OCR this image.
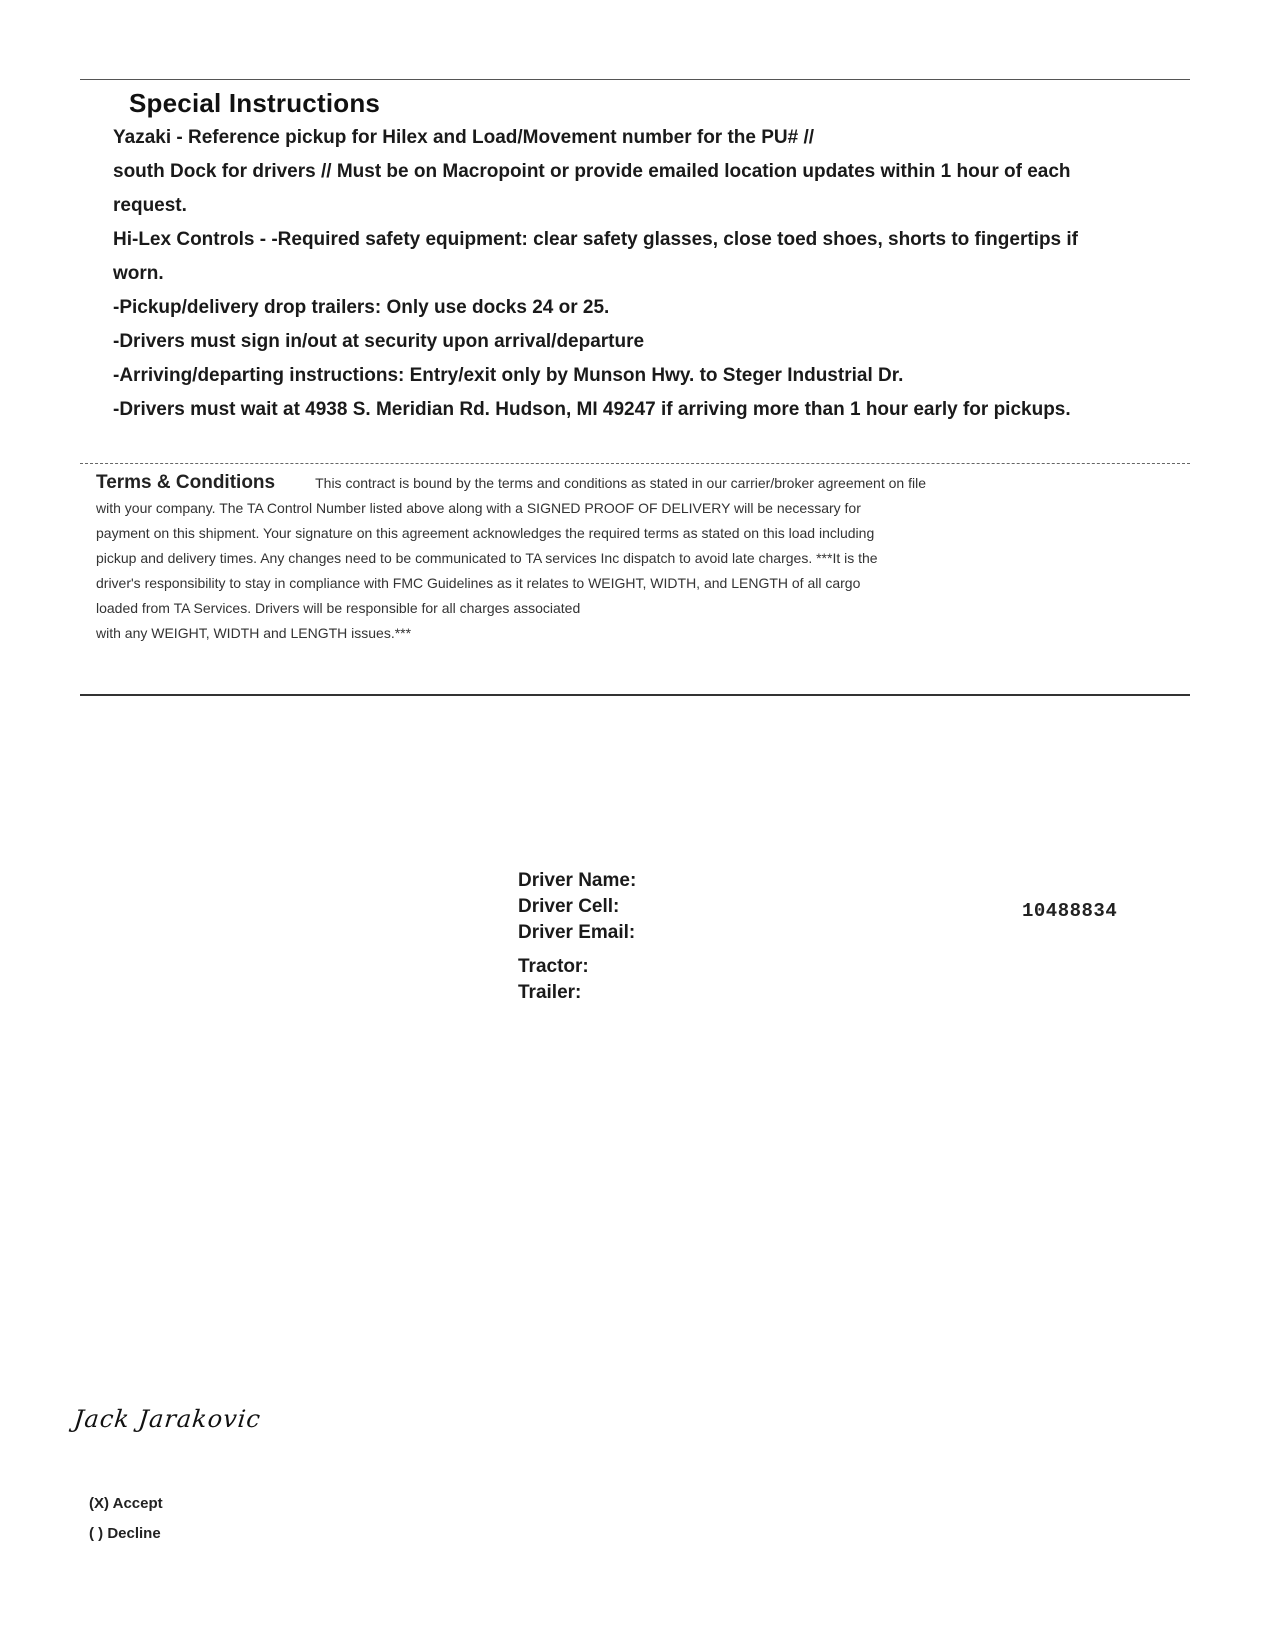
Special Instructions

Yazaki - Reference pickup for Hilex and Load/Movement number for the PU# //

south Dock for drivers // Must be on Macropoint or provide emailed location updates within 1 hour of each

request.

Hi-Lex Controls - -Required safety equipment: clear safety glasses, close toed shoes, shorts to fingertips if

worn.

-Pickup/delivery drop trailers: Only use docks 24 or 25.

-Drivers must sign in/out at security upon arrival/departure

-Arriving/departing instructions: Entry/exit only by Munson Hwy. to Steger Industrial Dr.

-Drivers must wait at 4938 S. Meridian Rd. Hudson, MI 49247 if arriving more than 1 hour early for pickups.

Terms & Conditions	This contract is bound by the terms and conditions as stated in our carrier/broker agreement on file
with your company. The TA Control Number listed above along with a SIGNED PROOF OF DELIVERY will be necessary for
payment on this shipment. Your signature on this agreement acknowledges the required terms as stated on this load including
pickup and delivery times. Any changes need to be communicated to TA services Inc dispatch to avoid late charges. ***It is the
driver's responsibility to stay in compliance with FMC Guidelines as it relates to WEIGHT, WIDTH, and LENGTH of all cargo
loaded from TA Services. Drivers will be responsible for all charges associated
with any WEIGHT, WIDTH and LENGTH issues.***
Driver Name:
Driver Cell:
Driver Email:
Tractor:
Trailer:
10488834
Jack Jarakovic
(X) Accept
( ) Decline
